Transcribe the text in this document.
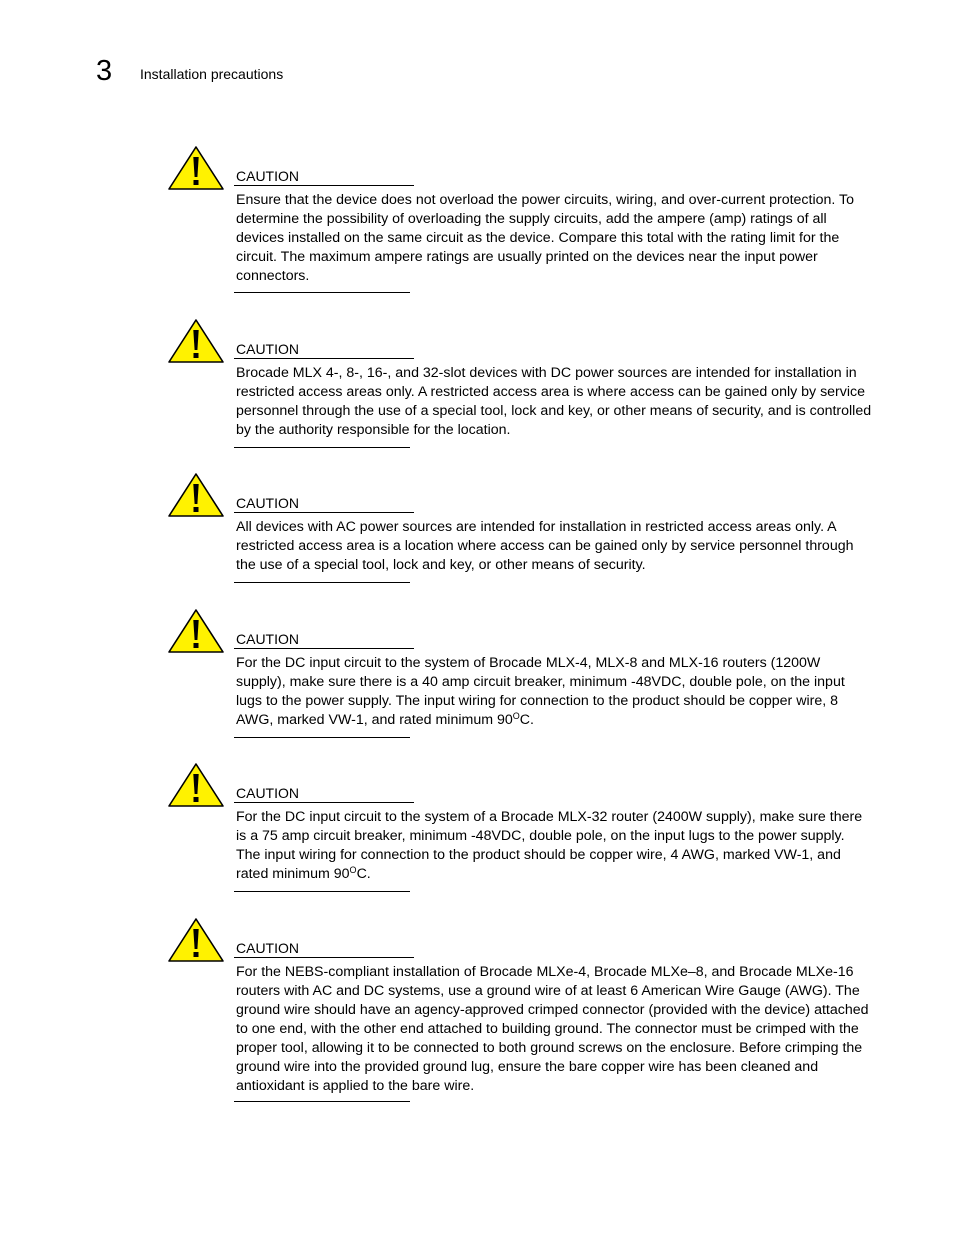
3 Installation precautions
CAUTION

Ensure that the device does not overload the power circuits, wiring, and over-current protection. To determine the possibility of overloading the supply circuits, add the ampere (amp) ratings of all devices installed on the same circuit as the device. Compare this total with the rating limit for the circuit. The maximum ampere ratings are usually printed on the devices near the input power connectors.

CAUTION

Brocade MLX 4-, 8-, 16-, and 32-slot devices with DC power sources are intended for installation in restricted access areas only. A restricted access area is where access can be gained only by service personnel through the use of a special tool, lock and key, or other means of security, and is controlled by the authority responsible for the location.

CAUTION

All devices with AC power sources are intended for installation in restricted access areas only. A restricted access area is a location where access can be gained only by service personnel through the use of a special tool, lock and key, or other means of security.

CAUTION

For the DC input circuit to the system of Brocade MLX-4, MLX-8 and MLX-16 routers (1200W supply), make sure there is a 40 amp circuit breaker, minimum -48VDC, double pole, on the input lugs to the power supply. The input wiring for connection to the product should be copper wire, 8 AWG, marked VW-1, and rated minimum $90^OC$.

CAUTION

For the DC input circuit to the system of a Brocade MLX-32 router (2400W supply), make sure there is a 75 amp circuit breaker, minimum -48VDC, double pole, on the input lugs to the power supply. The input wiring for connection to the product should be copper wire, 4 AWG, marked VW-1, and rated minimum $90^OC$.

CAUTION

For the NEBS-compliant installation of Brocade MLXe-4, Brocade MLXe–8, and Brocade MLXe-16 routers with AC and DC systems, use a ground wire of at least 6 American Wire Gauge (AWG). The ground wire should have an agency-approved crimped connector (provided with the device) attached to one end, with the other end attached to building ground. The connector must be crimped with the proper tool, allowing it to be connected to both ground screws on the enclosure. Before crimping the ground wire into the provided ground lug, ensure the bare copper wire has been cleaned and antioxidant is applied to the bare wire.
